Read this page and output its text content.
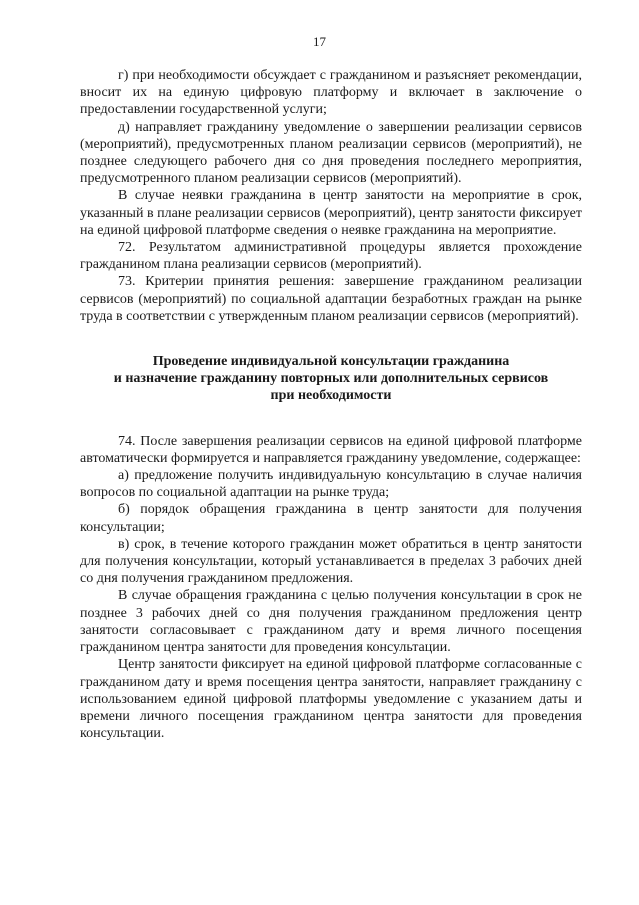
17

г) при необходимости обсуждает с гражданином и разъясняет рекомендации, вносит их на единую цифровую платформу и включает в заключение о предоставлении государственной услуги;

д) направляет гражданину уведомление о завершении реализации сервисов (мероприятий), предусмотренных планом реализации сервисов (мероприятий), не позднее следующего рабочего дня со дня проведения последнего мероприятия, предусмотренного планом реализации сервисов (мероприятий).

В случае неявки гражданина в центр занятости на мероприятие в срок, указанный в плане реализации сервисов (мероприятий), центр занятости фиксирует на единой цифровой платформе сведения о неявке гражданина на мероприятие.

72. Результатом административной процедуры является прохождение гражданином плана реализации сервисов (мероприятий).

73. Критерии принятия решения: завершение гражданином реализации сервисов (мероприятий) по социальной адаптации безработных граждан на рынке труда в соответствии с утвержденным планом реализации сервисов (мероприятий).

Проведение индивидуальной консультации гражданина
и назначение гражданину повторных или дополнительных сервисов
при необходимости

74. После завершения реализации сервисов на единой цифровой платформе автоматически формируется и направляется гражданину уведомление, содержащее:

а) предложение получить индивидуальную консультацию в случае наличия вопросов по социальной адаптации на рынке труда;

б) порядок обращения гражданина в центр занятости для получения консультации;

в) срок, в течение которого гражданин может обратиться в центр занятости для получения консультации, который устанавливается в пределах 3 рабочих дней со дня получения гражданином предложения.

В случае обращения гражданина с целью получения консультации в срок не позднее 3 рабочих дней со дня получения гражданином предложения центр занятости согласовывает с гражданином дату и время личного посещения гражданином центра занятости для проведения консультации.

Центр занятости фиксирует на единой цифровой платформе согласованные с гражданином дату и время посещения центра занятости, направляет гражданину с использованием единой цифровой платформы уведомление с указанием даты и времени личного посещения гражданином центра занятости для проведения консультации.
